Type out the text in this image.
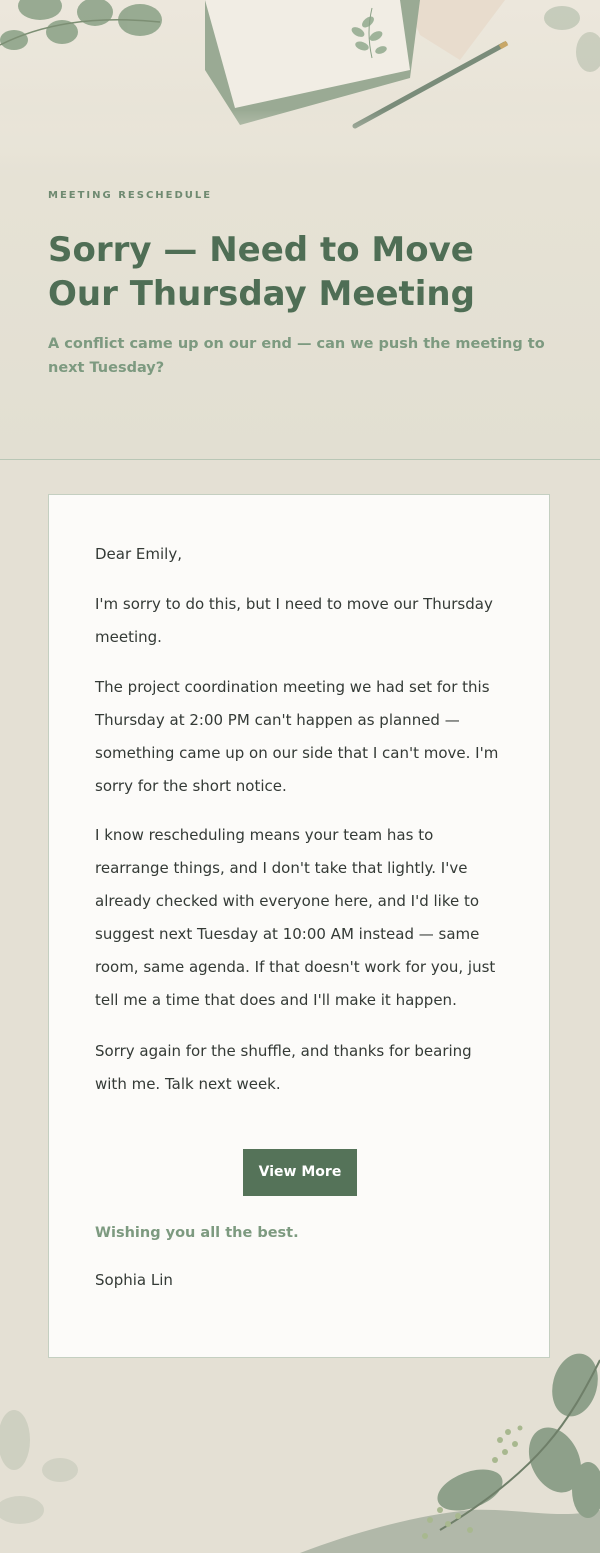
MEETING RESCHEDULE
Sorry — Need to Move Our Thursday Meeting

A conflict came up on our end — can we push the meeting to next Tuesday?

Dear Emily,

I'm sorry to do this, but I need to move our Thursday meeting.

The project coordination meeting we had set for this Thursday at 2:00 PM can't happen as planned — something came up on our side that I can't move. I'm sorry for the short notice.

I know rescheduling means your team has to rearrange things, and I don't take that lightly. I've already checked with everyone here, and I'd like to suggest next Tuesday at 10:00 AM instead — same room, same agenda. If that doesn't work for you, just tell me a time that does and I'll make it happen.

Sorry again for the shuffle, and thanks for bearing with me. Talk next week.

View More

Wishing you all the best.

Sophia Lin
